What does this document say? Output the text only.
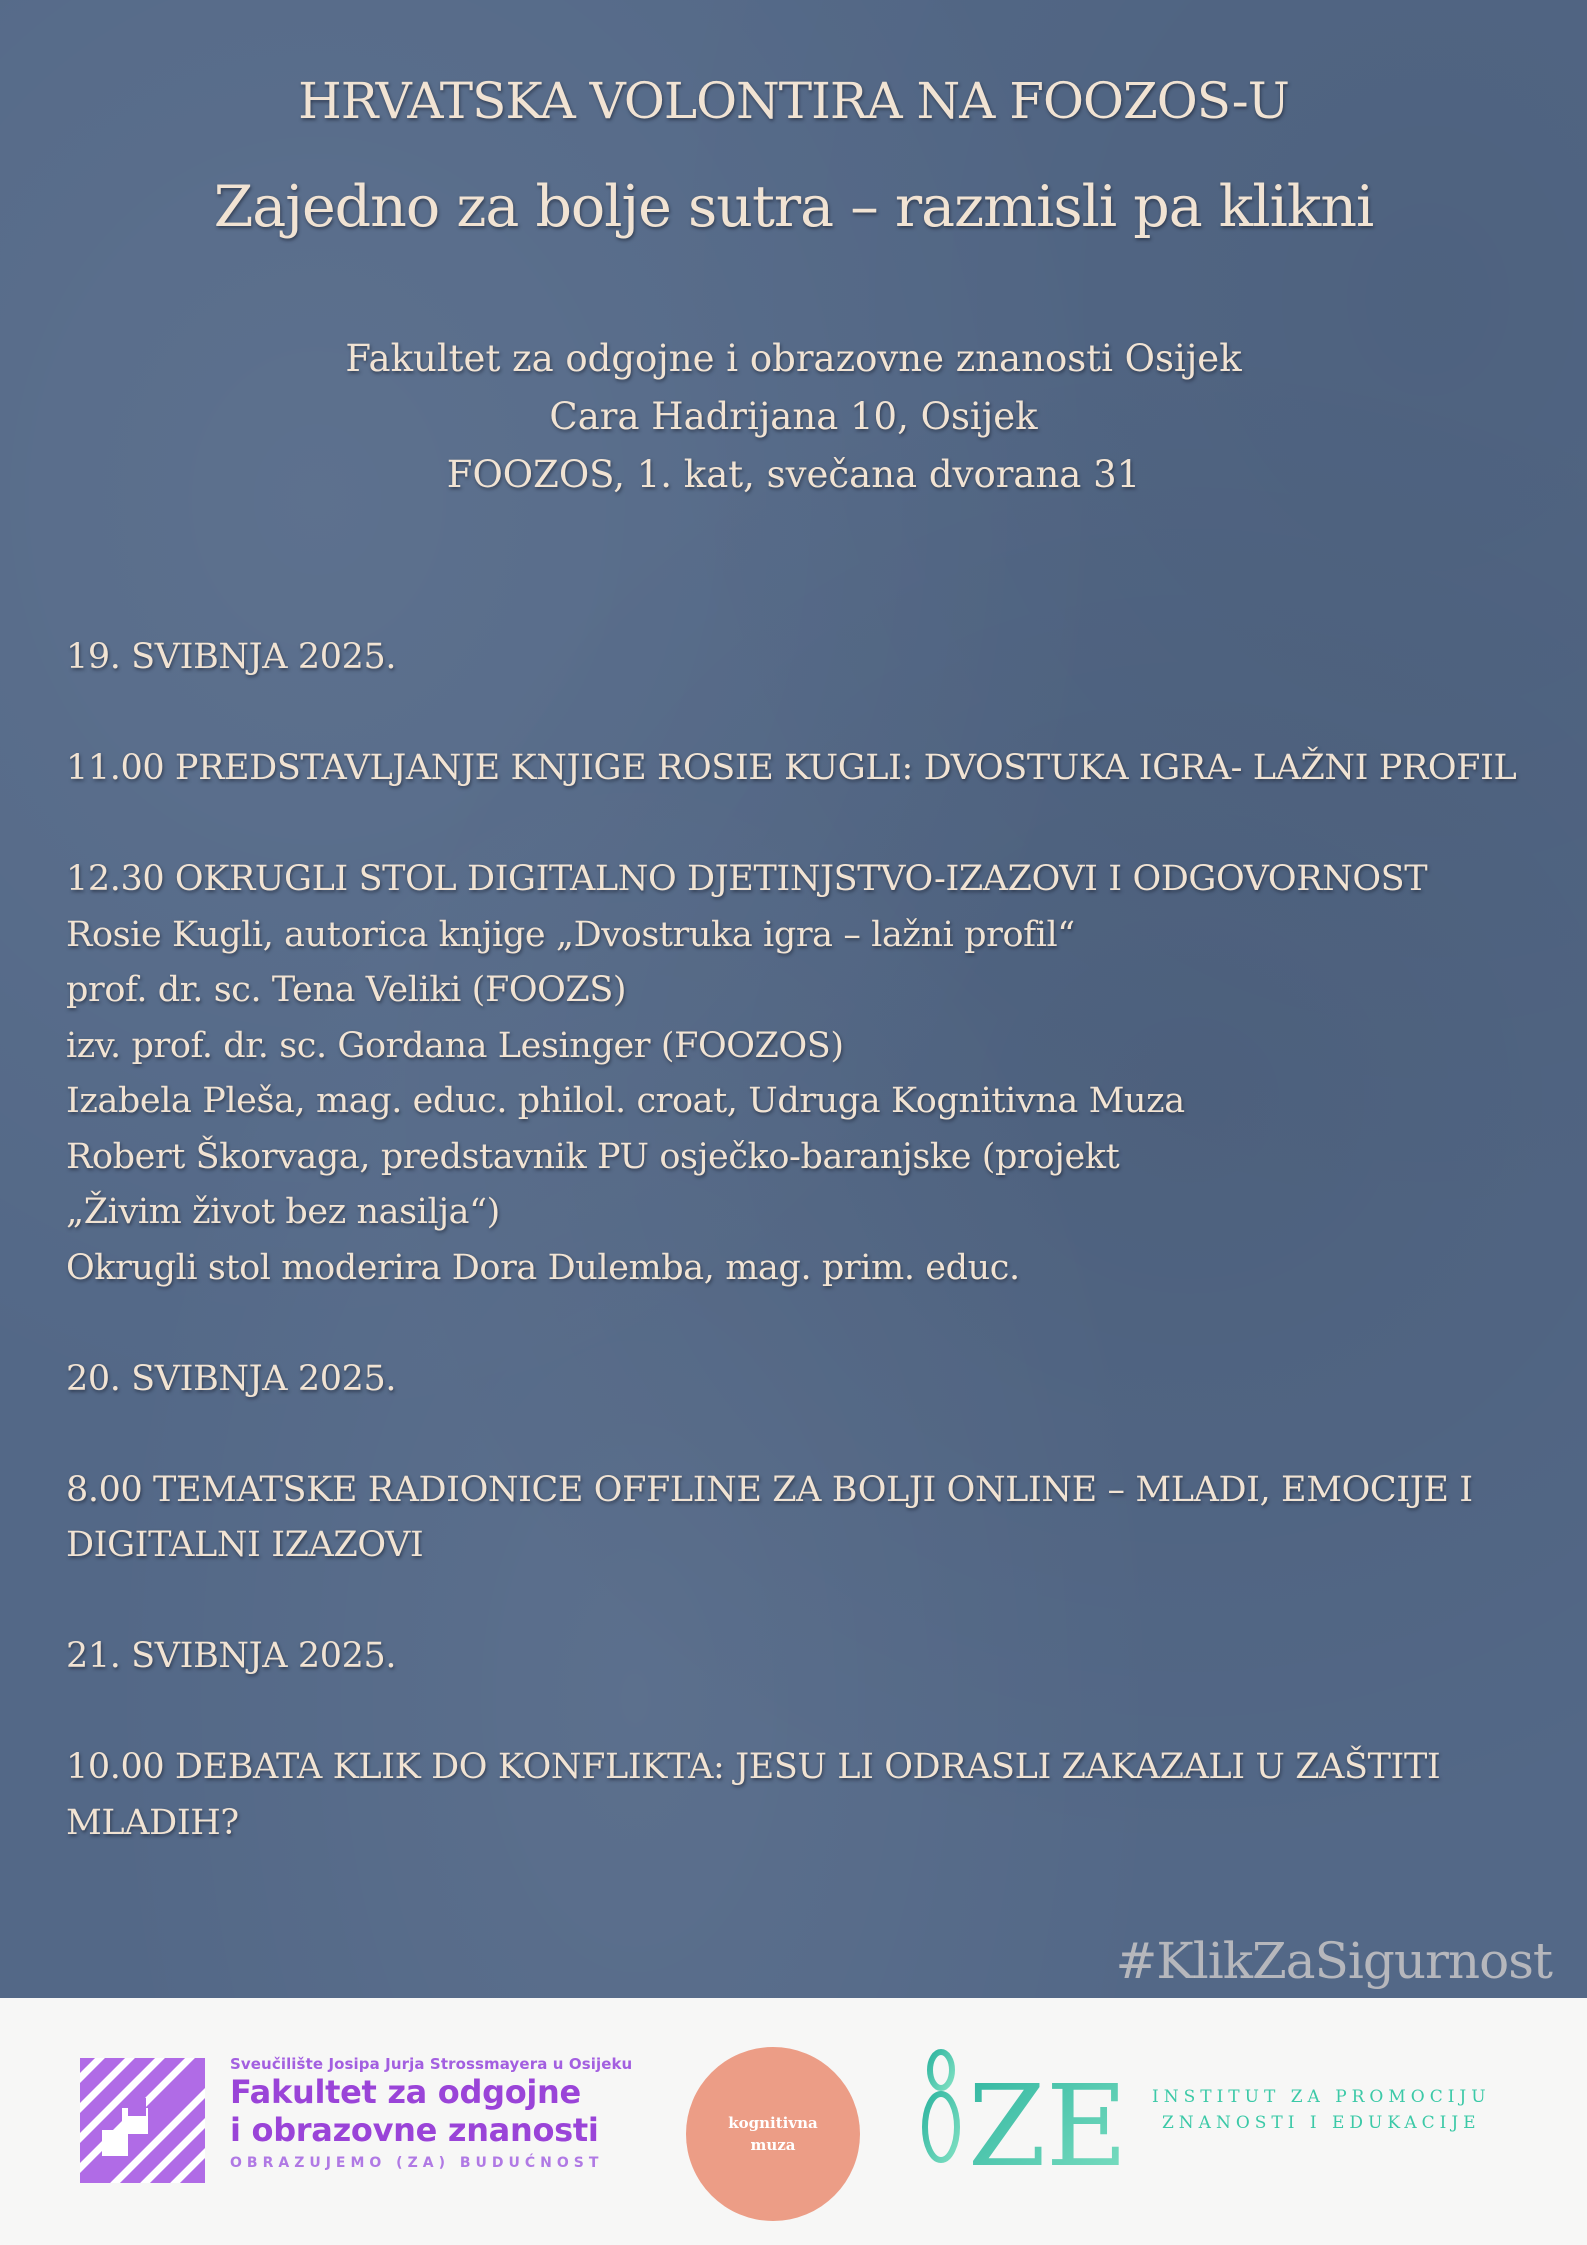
HRVATSKA VOLONTIRA NA FOOZOS-U
Zajedno za bolje sutra – razmisli pa klikni
Fakultet za odgojne i obrazovne znanosti Osijek
Cara Hadrijana 10, Osijek
FOOZOS, 1. kat, svečana dvorana 31
19. SVIBNJA 2025.
11.00 PREDSTAVLJANJE KNJIGE ROSIE KUGLI: DVOSTUKA IGRA- LAŽNI PROFIL
12.30 OKRUGLI STOL DIGITALNO DJETINJSTVO-IZAZOVI I ODGOVORNOST
Rosie Kugli, autorica knjige „Dvostruka igra – lažni profil“
prof. dr. sc. Tena Veliki (FOOZS)
izv. prof. dr. sc. Gordana Lesinger (FOOZOS)
Izabela Pleša, mag. educ. philol. croat, Udruga Kognitivna Muza
Robert Škorvaga, predstavnik PU osječko-baranjske (projekt
„Živim život bez nasilja“)
Okrugli stol moderira Dora Dulemba, mag. prim. educ.
20. SVIBNJA 2025.
8.00 TEMATSKE RADIONICE OFFLINE ZA BOLJI ONLINE – MLADI, EMOCIJE I
DIGITALNI IZAZOVI
21. SVIBNJA 2025.
10.00 DEBATA KLIK DO KONFLIKTA: JESU LI ODRASLI ZAKAZALI U ZAŠTITI
MLADIH?
#KlikZaSigurnost
Sveučilište Josipa Jurja Strossmayera u Osijeku
Fakultet za odgojne
i obrazovne znanosti
OBRAZUJEMO (ZA) BUDUĆNOST
kognitivna
muza ZE INSTITUT ZA PROMOCIJU
ZNANOSTI I EDUKACIJE
